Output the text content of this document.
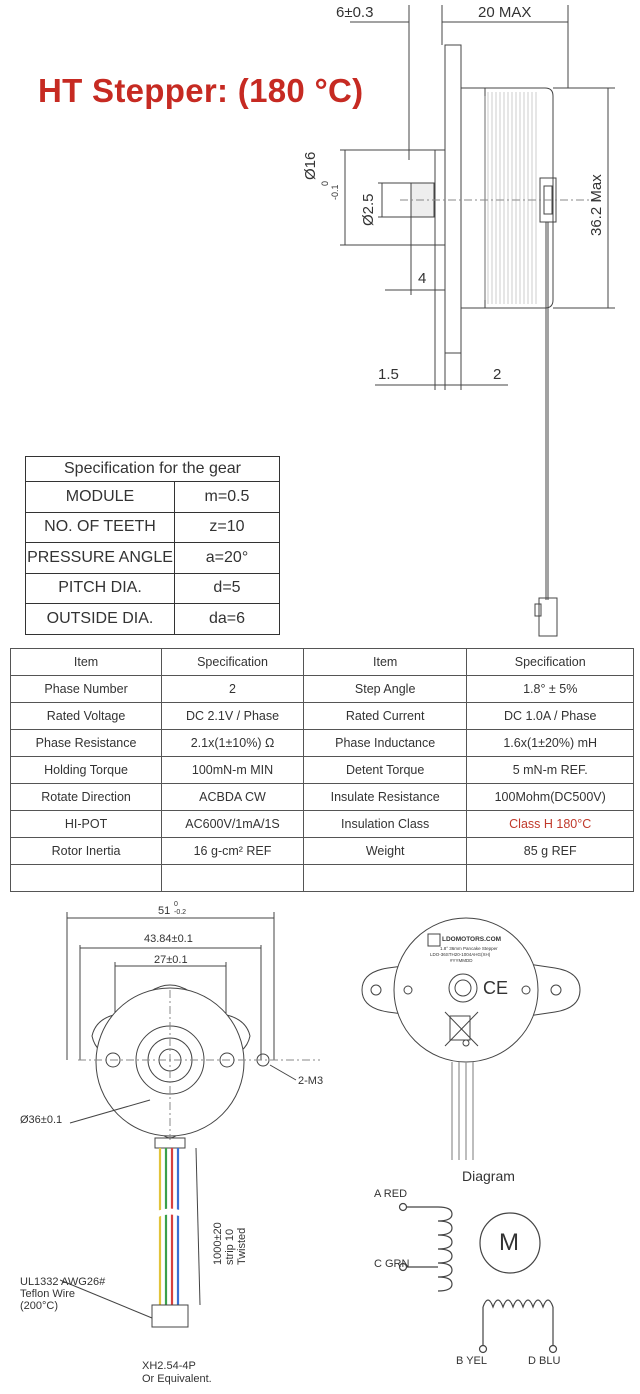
HT Stepper: (180 °C)
6±0.3	20 MAX
Ø16
0
-0.1
Ø2.5	36.2 Max
4
1.5	2
Specification for the gear	
MODULE	m=0.5
NO. OF TEETH	z=10
PRESSURE ANGLE	a=20°
PITCH DIA.	d=5
OUTSIDE DIA.	da=6
Item	Specification	Item	Specification
Phase Number	2	Step Angle	1.8° ± 5%
Rated Voltage	DC 2.1V / Phase	Rated Current	DC 1.0A / Phase
Phase Resistance	2.1x(1±10%) Ω	Phase Inductance	1.6x(1±20%) mH
Holding Torque	100mN-m MIN	Detent Torque	5 mN-m REF.
Rotate Direction	ACBDA CW	Insulate Resistance	100Mohm(DC500V)
HI-POT	AC600V/1mA/1S	Insulation Class	Class H 180°C
Rotor Inertia	16 g-cm² REF	Weight	85 g REF

51
0
-0.2
43.84±0.1
27±0.1
2-M3
Ø36±0.1
1000±20 strip 10 Twisted
UL1332 AWG26#
Teflon Wire
(200°C)
XH2.54-4P
Or Equivalent.
LDOMOTORS.COM
1.8° 36mm Pancake Stepper
LDO-36STH20-1004AHG(XH)
#YYMMDD
CE
Diagram
A RED
C GRN
B YEL	D BLU
M
